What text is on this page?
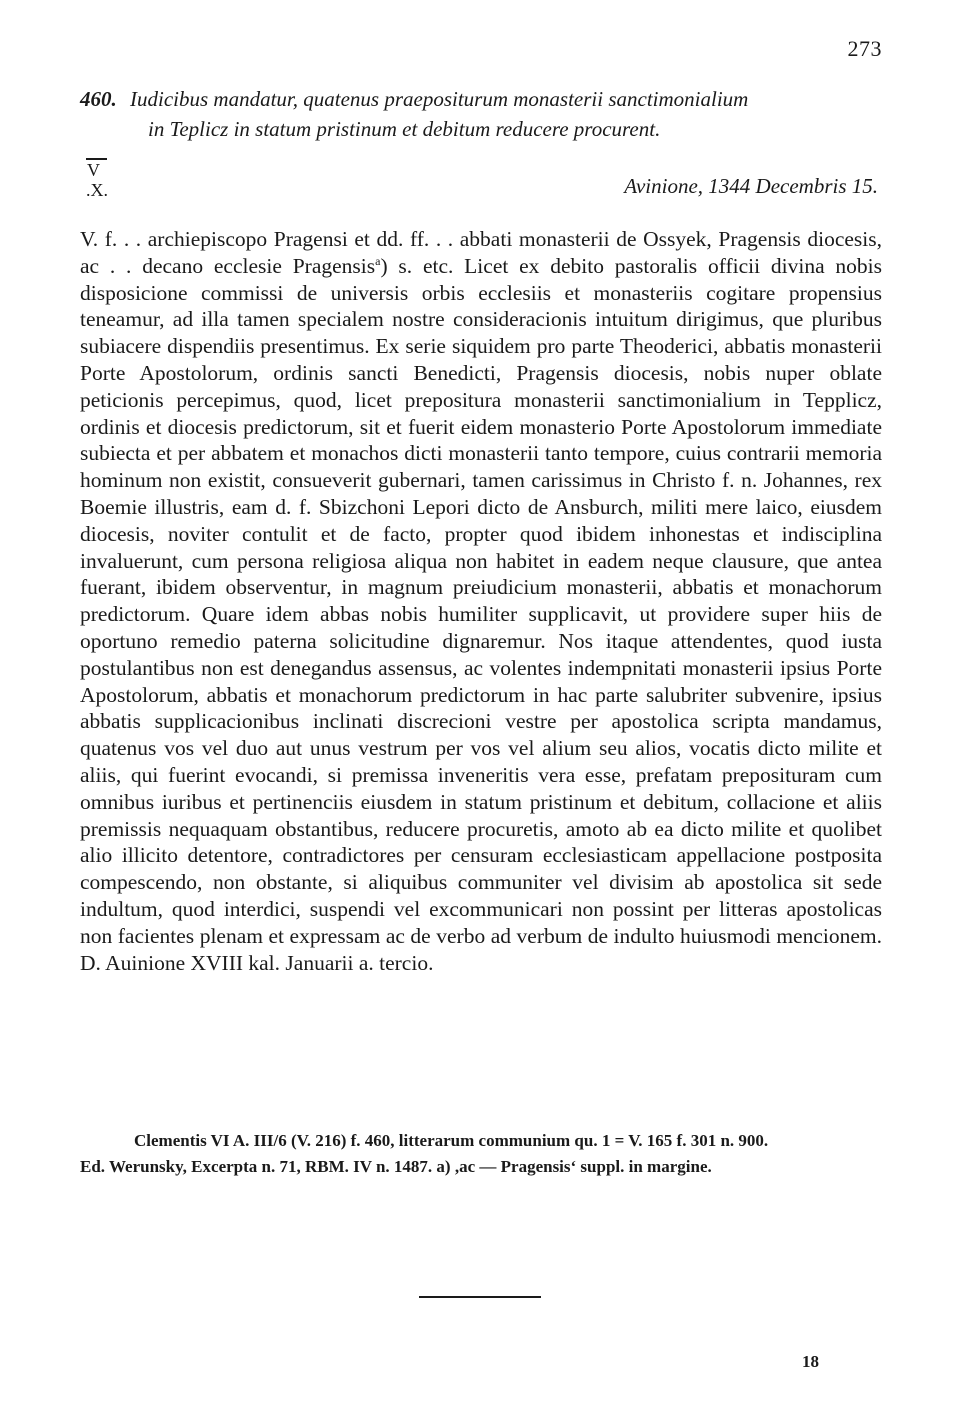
273
460. Iudicibus mandatur, quatenus praepositurum monasterii sanctimonialium
in Teplicz in statum pristinum et debitum reducere procurent.
V
.X.	Avinione, 1344 Decembris 15.
V. f. . . archiepiscopo Pragensi et dd. ff. . . abbati monasterii de Ossyek, Pragensis diocesis, ac . . decano ecclesie Pragensis$^a$) s. etc. Licet ex debito pastoralis officii divina nobis disposicione commissi de universis orbis ecclesiis et monasteriis cogitare propensius teneamur, ad illa tamen specialem nostre consideracionis intuitum dirigimus, que pluribus subiacere dispendiis presentimus. Ex serie siquidem pro parte Theoderici, abbatis monasterii Porte Apostolorum, ordinis sancti Benedicti, Pragensis diocesis, nobis nuper oblate peticionis percepimus, quod, licet prepositura monasterii sanctimonialium in Tepplicz, ordinis et diocesis predictorum, sit et fuerit eidem monasterio Porte Apostolorum immediate subiecta et per abbatem et monachos dicti monasterii tanto tempore, cuius contrarii memoria hominum non existit, consueverit gubernari, tamen carissimus in Christo f. n. Johannes, rex Boemie illustris, eam d. f. Sbizchoni Lepori dicto de Ansburch, militi mere laico, eiusdem diocesis, noviter contulit et de facto, propter quod ibidem inhonestas et indisciplina invaluerunt, cum persona religiosa aliqua non habitet in eadem neque clausure, que antea fuerant, ibidem observentur, in magnum preiudicium monasterii, abbatis et monachorum predictorum. Quare idem abbas nobis humiliter supplicavit, ut providere super hiis de oportuno remedio paterna solicitudine dignaremur. Nos itaque attendentes, quod iusta postulantibus non est denegandus assensus, ac volentes indempnitati monasterii ipsius Porte Apostolorum, abbatis et monachorum predictorum in hac parte salubriter subvenire, ipsius abbatis supplicacionibus inclinati discrecioni vestre per apostolica scripta mandamus, quatenus vos vel duo aut unus vestrum per vos vel alium seu alios, vocatis dicto milite et aliis, qui fuerint evocandi, si premissa inveneritis vera esse, prefatam preposituram cum omnibus iuribus et pertinenciis eiusdem in statum pristinum et debitum, collacione et aliis premissis nequaquam obstantibus, reducere procuretis, amoto ab ea dicto milite et quolibet alio illicito detentore, contradictores per censuram ecclesiasticam appellacione postposita compescendo, non obstante, si aliquibus communiter vel divisim ab apostolica sit sede indultum, quod interdici, suspendi vel excommunicari non possint per litteras apostolicas non facientes plenam et expressam ac de verbo ad verbum de indulto huiusmodi mencionem. D. Auinione XVIII kal. Januarii a. tercio.
Clementis VI A. III/6 (V. 216) f. 460, litterarum communium qu. 1 = V. 165 f. 301 n. 900.
Ed. Werunsky, Excerpta n. 71, RBM. IV n. 1487. a) ,ac — Pragensis‘ suppl. in margine.
18
